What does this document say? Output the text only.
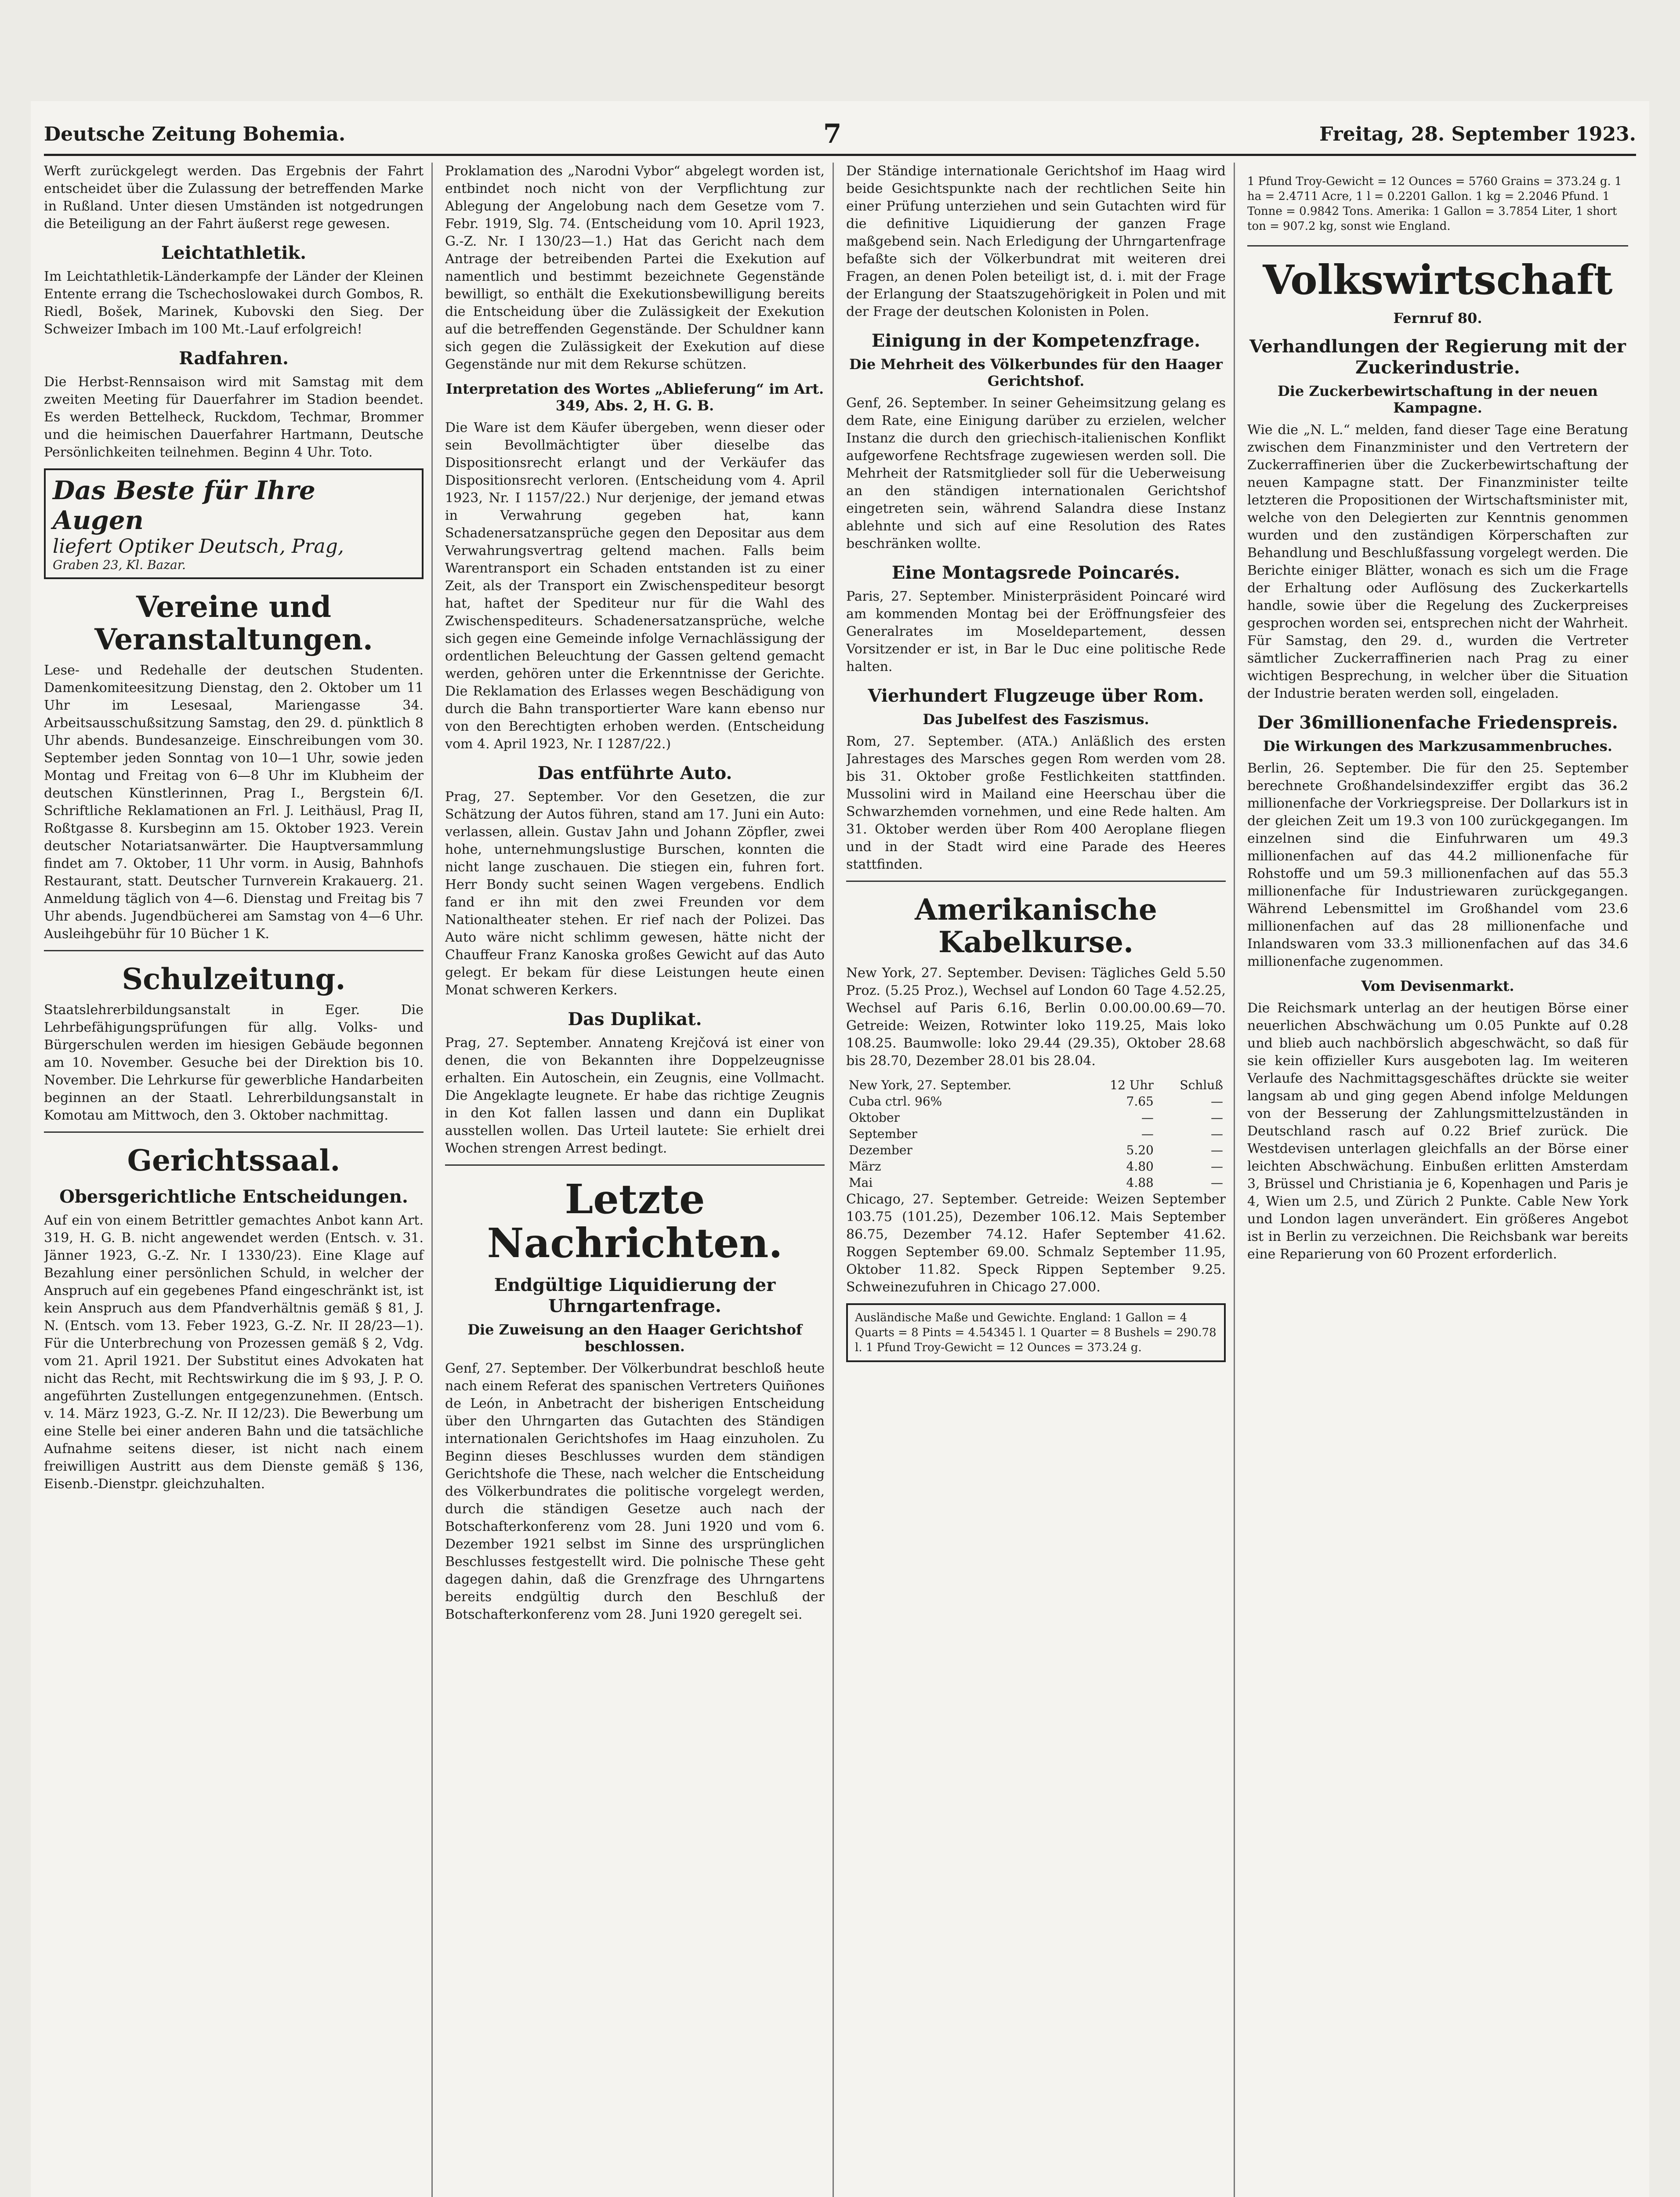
Deutsche Zeitung Bohemia.	7	Freitag, 28. September 1923.

Werft zurückgelegt werden. Das Ergebnis der Fahrt entscheidet über die Zulassung der betreffenden Marke in Rußland. Unter diesen Umständen ist notgedrungen die Beteiligung an der Fahrt äußerst rege gewesen.

Leichtathletik.

Im Leichtathletik-Länderkampfe der Länder der Kleinen Entente errang die Tschechoslowakei durch Gombos, R. Riedl, Bošek, Marinek, Kubovski den Sieg. Der Schweizer Imbach im 100 Mt.-Lauf erfolgreich!

Radfahren.

Die Herbst-Rennsaison wird mit Samstag mit dem zweiten Meeting für Dauerfahrer im Stadion beendet. Es werden Bettelheck, Ruckdom, Techmar, Brommer und die heimischen Dauerfahrer Hartmann, Deutsche Persönlichkeiten teilnehmen. Beginn 4 Uhr. Toto.

Das Beste für Ihre Augen
liefert Optiker Deutsch, Prag,
Graben 23, Kl. Bazar.
Vereine und Veranstaltungen.

Lese- und Redehalle der deutschen Studenten. Damenkomiteesitzung Dienstag, den 2. Oktober um 11 Uhr im Lesesaal, Mariengasse 34. Arbeitsausschußsitzung Samstag, den 29. d. pünktlich 8 Uhr abends. Bundesanzeige. Einschreibungen vom 30. September jeden Sonntag von 10—1 Uhr, sowie jeden Montag und Freitag von 6—8 Uhr im Klubheim der deutschen Künstlerinnen, Prag I., Bergstein 6/I. Schriftliche Reklamationen an Frl. J. Leithäusl, Prag II, Roßtgasse 8. Kursbeginn am 15. Oktober 1923. Verein deutscher Notariatsanwärter. Die Hauptversammlung findet am 7. Oktober, 11 Uhr vorm. in Ausig, Bahnhofs Restaurant, statt. Deutscher Turnverein Krakauerg. 21. Anmeldung täglich von 4—6. Dienstag und Freitag bis 7 Uhr abends. Jugendbücherei am Samstag von 4—6 Uhr. Ausleihgebühr für 10 Bücher 1 K.

Schulzeitung.

Staatslehrerbildungsanstalt in Eger. Die Lehrbefähigungsprüfungen für allg. Volks- und Bürgerschulen werden im hiesigen Gebäude begonnen am 10. November. Gesuche bei der Direktion bis 10. November. Die Lehrkurse für gewerbliche Handarbeiten beginnen an der Staatl. Lehrerbildungsanstalt in Komotau am Mittwoch, den 3. Oktober nachmittag.

Gerichtssaal.
Obersgerichtliche Entscheidungen.

Auf ein von einem Betrittler gemachtes Anbot kann Art. 319, H. G. B. nicht angewendet werden (Entsch. v. 31. Jänner 1923, G.-Z. Nr. I 1330/23). Eine Klage auf Bezahlung einer persönlichen Schuld, in welcher der Anspruch auf ein gegebenes Pfand eingeschränkt ist, ist kein Anspruch aus dem Pfandverhältnis gemäß § 81, J. N. (Entsch. vom 13. Feber 1923, G.-Z. Nr. II 28/23—1). Für die Unterbrechung von Prozessen gemäß § 2, Vdg. vom 21. April 1921. Der Substitut eines Advokaten hat nicht das Recht, mit Rechtswirkung die im § 93, J. P. O. angeführten Zustellungen entgegenzunehmen. (Entsch. v. 14. März 1923, G.-Z. Nr. II 12/23). Die Bewerbung um eine Stelle bei einer anderen Bahn und die tatsächliche Aufnahme seitens dieser, ist nicht nach einem freiwilligen Austritt aus dem Dienste gemäß § 136, Eisenb.-Dienstpr. gleichzuhalten.

Proklamation des „Narodni Vybor“ abgelegt worden ist, entbindet noch nicht von der Verpflichtung zur Ablegung der Angelobung nach dem Gesetze vom 7. Febr. 1919, Slg. 74. (Entscheidung vom 10. April 1923, G.-Z. Nr. I 130/23—1.) Hat das Gericht nach dem Antrage der betreibenden Partei die Exekution auf namentlich und bestimmt bezeichnete Gegenstände bewilligt, so enthält die Exekutionsbewilligung bereits die Entscheidung über die Zulässigkeit der Exekution auf die betreffenden Gegenstände. Der Schuldner kann sich gegen die Zulässigkeit der Exekution auf diese Gegenstände nur mit dem Rekurse schützen.

Interpretation des Wortes „Ablieferung“ im Art. 349, Abs. 2, H. G. B.

Die Ware ist dem Käufer übergeben, wenn dieser oder sein Bevollmächtigter über dieselbe das Dispositionsrecht erlangt und der Verkäufer das Dispositionsrecht verloren. (Entscheidung vom 4. April 1923, Nr. I 1157/22.) Nur derjenige, der jemand etwas in Verwahrung gegeben hat, kann Schadenersatzansprüche gegen den Depositar aus dem Verwahrungsvertrag geltend machen. Falls beim Warentransport ein Schaden entstanden ist zu einer Zeit, als der Transport ein Zwischenspediteur besorgt hat, haftet der Spediteur nur für die Wahl des Zwischenspediteurs. Schadenersatzansprüche, welche sich gegen eine Gemeinde infolge Vernachlässigung der ordentlichen Beleuchtung der Gassen geltend gemacht werden, gehören unter die Erkenntnisse der Gerichte. Die Reklamation des Erlasses wegen Beschädigung von durch die Bahn transportierter Ware kann ebenso nur von den Berechtigten erhoben werden. (Entscheidung vom 4. April 1923, Nr. I 1287/22.)

Das entführte Auto.

Prag, 27. September. Vor den Gesetzen, die zur Schätzung der Autos führen, stand am 17. Juni ein Auto: verlassen, allein. Gustav Jahn und Johann Zöpfler, zwei hohe, unternehmungslustige Burschen, konnten die nicht lange zuschauen. Die stiegen ein, fuhren fort. Herr Bondy sucht seinen Wagen vergebens. Endlich fand er ihn mit den zwei Freunden vor dem Nationaltheater stehen. Er rief nach der Polizei. Das Auto wäre nicht schlimm gewesen, hätte nicht der Chauffeur Franz Kanoska großes Gewicht auf das Auto gelegt. Er bekam für diese Leistungen heute einen Monat schweren Kerkers.

Das Duplikat.

Prag, 27. September. Annateng Krejčová ist einer von denen, die von Bekannten ihre Doppelzeugnisse erhalten. Ein Autoschein, ein Zeugnis, eine Vollmacht. Die Angeklagte leugnete. Er habe das richtige Zeugnis in den Kot fallen lassen und dann ein Duplikat ausstellen wollen. Das Urteil lautete: Sie erhielt drei Wochen strengen Arrest bedingt.

Letzte Nachrichten.
Endgültige Liquidierung der Uhrngartenfrage.
Die Zuweisung an den Haager Gerichtshof beschlossen.

Genf, 27. September. Der Völkerbundrat beschloß heute nach einem Referat des spanischen Vertreters Quiñones de León, in Anbetracht der bisherigen Entscheidung über den Uhrngarten das Gutachten des Ständigen internationalen Gerichtshofes im Haag einzuholen. Zu Beginn dieses Beschlusses wurden dem ständigen Gerichtshofe die These, nach welcher die Entscheidung des Völkerbundrates die politische vorgelegt werden, durch die ständigen Gesetze auch nach der Botschafterkonferenz vom 28. Juni 1920 und vom 6. Dezember 1921 selbst im Sinne des ursprünglichen Beschlusses festgestellt wird. Die polnische These geht dagegen dahin, daß die Grenzfrage des Uhrngartens bereits endgültig durch den Beschluß der Botschafterkonferenz vom 28. Juni 1920 geregelt sei.

Der Ständige internationale Gerichtshof im Haag wird beide Gesichtspunkte nach der rechtlichen Seite hin einer Prüfung unterziehen und sein Gutachten wird für die definitive Liquidierung der ganzen Frage maßgebend sein. Nach Erledigung der Uhrngartenfrage befaßte sich der Völkerbundrat mit weiteren drei Fragen, an denen Polen beteiligt ist, d. i. mit der Frage der Erlangung der Staatszugehörigkeit in Polen und mit der Frage der deutschen Kolonisten in Polen.

Einigung in der Kompetenzfrage.
Die Mehrheit des Völkerbundes für den Haager Gerichtshof.

Genf, 26. September. In seiner Geheimsitzung gelang es dem Rate, eine Einigung darüber zu erzielen, welcher Instanz die durch den griechisch-italienischen Konflikt aufgeworfene Rechtsfrage zugewiesen werden soll. Die Mehrheit der Ratsmitglieder soll für die Ueberweisung an den ständigen internationalen Gerichtshof eingetreten sein, während Salandra diese Instanz ablehnte und sich auf eine Resolution des Rates beschränken wollte.

Eine Montagsrede Poincarés.

Paris, 27. September. Ministerpräsident Poincaré wird am kommenden Montag bei der Eröffnungsfeier des Generalrates im Moseldepartement, dessen Vorsitzender er ist, in Bar le Duc eine politische Rede halten.

Vierhundert Flugzeuge über Rom.
Das Jubelfest des Faszismus.

Rom, 27. September. (ATA.) Anläßlich des ersten Jahrestages des Marsches gegen Rom werden vom 28. bis 31. Oktober große Festlichkeiten stattfinden. Mussolini wird in Mailand eine Heerschau über die Schwarzhemden vornehmen, und eine Rede halten. Am 31. Oktober werden über Rom 400 Aeroplane fliegen und in der Stadt wird eine Parade des Heeres stattfinden.

Amerikanische Kabelkurse.

New York, 27. September. Devisen: Tägliches Geld 5.50 Proz. (5.25 Proz.), Wechsel auf London 60 Tage 4.52.25, Wechsel auf Paris 6.16, Berlin 0.00.00.00.69—70. Getreide: Weizen, Rotwinter loko 119.25, Mais loko 108.25. Baumwolle: loko 29.44 (29.35), Oktober 28.68 bis 28.70, Dezember 28.01 bis 28.04.

New York, 27. September.	12 Uhr	Schluß
Cuba ctrl. 96%	7.65	—
Oktober	—	—
September	—	—
Dezember	5.20	—
März	4.80	—
Mai	4.88	—

Chicago, 27. September. Getreide: Weizen September 103.75 (101.25), Dezember 106.12. Mais September 86.75, Dezember 74.12. Hafer September 41.62. Roggen September 69.00. Schmalz September 11.95, Oktober 11.82. Speck Rippen September 9.25. Schweinezufuhren in Chicago 27.000.

Ausländische Maße und Gewichte. England: 1 Gallon = 4 Quarts = 8 Pints = 4.54345 l. 1 Quarter = 8 Bushels = 290.78 l. 1 Pfund Troy-Gewicht = 12 Ounces = 373.24 g.

1 Pfund Troy-Gewicht = 12 Ounces = 5760 Grains = 373.24 g. 1 ha = 2.4711 Acre, 1 l = 0.2201 Gallon. 1 kg = 2.2046 Pfund. 1 Tonne = 0.9842 Tons. Amerika: 1 Gallon = 3.7854 Liter, 1 short ton = 907.2 kg, sonst wie England.

Volkswirtschaft
Fernruf 80.
Verhandlungen der Regierung mit der Zuckerindustrie.
Die Zuckerbewirtschaftung in der neuen Kampagne.

Wie die „N. L.“ melden, fand dieser Tage eine Beratung zwischen dem Finanzminister und den Vertretern der Zuckerraffinerien über die Zuckerbewirtschaftung der neuen Kampagne statt. Der Finanzminister teilte letzteren die Propositionen der Wirtschaftsminister mit, welche von den Delegierten zur Kenntnis genommen wurden und den zuständigen Körperschaften zur Behandlung und Beschlußfassung vorgelegt werden. Die Berichte einiger Blätter, wonach es sich um die Frage der Erhaltung oder Auflösung des Zuckerkartells handle, sowie über die Regelung des Zuckerpreises gesprochen worden sei, entsprechen nicht der Wahrheit. Für Samstag, den 29. d., wurden die Vertreter sämtlicher Zuckerraffinerien nach Prag zu einer wichtigen Besprechung, in welcher über die Situation der Industrie beraten werden soll, eingeladen.

Der 36millionenfache Friedenspreis.
Die Wirkungen des Markzusammenbruches.

Berlin, 26. September. Die für den 25. September berechnete Großhandelsindexziffer ergibt das 36.2 millionenfache der Vorkriegspreise. Der Dollarkurs ist in der gleichen Zeit um 19.3 von 100 zurückgegangen. Im einzelnen sind die Einfuhrwaren um 49.3 millionenfachen auf das 44.2 millionenfache für Rohstoffe und um 59.3 millionenfachen auf das 55.3 millionenfache für Industriewaren zurückgegangen. Während Lebensmittel im Großhandel vom 23.6 millionenfachen auf das 28 millionenfache und Inlandswaren vom 33.3 millionenfachen auf das 34.6 millionenfache zugenommen.

Vom Devisenmarkt.

Die Reichsmark unterlag an der heutigen Börse einer neuerlichen Abschwächung um 0.05 Punkte auf 0.28 und blieb auch nachbörslich abgeschwächt, so daß für sie kein offizieller Kurs ausgeboten lag. Im weiteren Verlaufe des Nachmittagsgeschäftes drückte sie weiter langsam ab und ging gegen Abend infolge Meldungen von der Besserung der Zahlungsmittelzuständen in Deutschland rasch auf 0.22 Brief zurück. Die Westdevisen unterlagen gleichfalls an der Börse einer leichten Abschwächung. Einbußen erlitten Amsterdam 3, Brüssel und Christiania je 6, Kopenhagen und Paris je 4, Wien um 2.5, und Zürich 2 Punkte. Cable New York und London lagen unverändert. Ein größeres Angebot ist in Berlin zu verzeichnen. Die Reichsbank war bereits eine Reparierung von 60 Prozent erforderlich.
